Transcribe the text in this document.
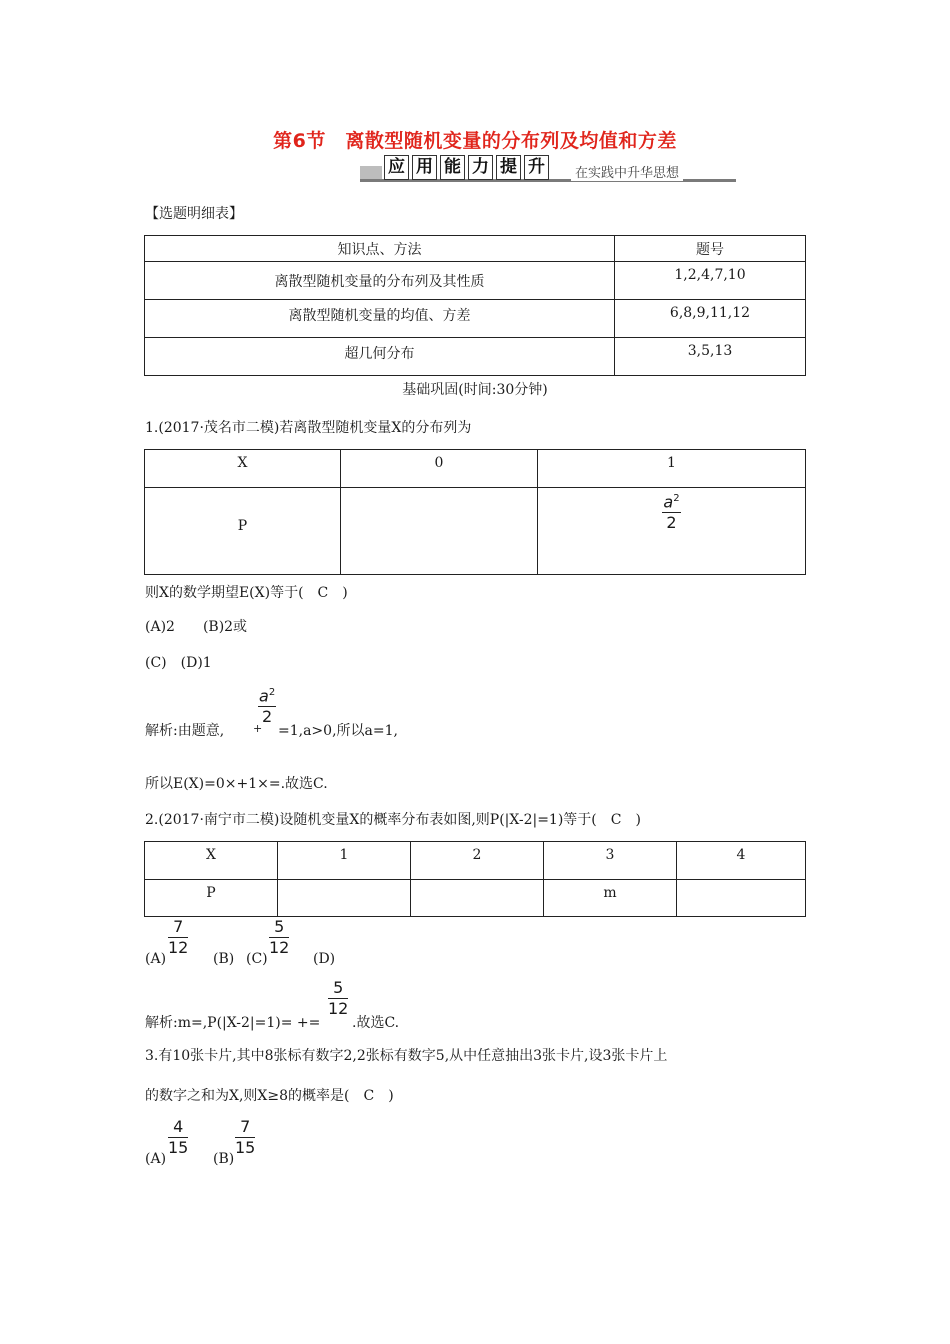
第6节　离散型随机变量的分布列及均值和方差
应 用 能 力 提 升	在实践中升华思想
【选题明细表】
知识点、方法	题号
离散型随机变量的分布列及其性质	1,2,4,7,10
离散型随机变量的均值、方差	6,8,9,11,12
超几何分布	3,5,13
基础巩固(时间:30分钟)
1.(2017·茂名市二模)若离散型随机变量X的分布列为
X	0	1
P		$\frac{a^2}{2}$
则X的数学期望E(X)等于(　C　)
(A)2　　(B)2或
(C)　(D)1
解析:由题意,	+
$\frac{a^2}{2}$
=1,a>0,所以a=1,
所以E(X)=0×+1×=.故选C.
2.(2017·南宁市二模)设随机变量X的概率分布表如图,则P(|X-2|=1)等于(　C　)
X	1	2	3	4
P			m	
(A)
$\frac{7}{12}$
(B) (C)
$\frac{5}{12}$
(D)
解析:m=,P(|X-2|=1)= +=
$\frac{5}{12}$
.故选C.
3.有10张卡片,其中8张标有数字2,2张标有数字5,从中任意抽出3张卡片,设3张卡片上
的数字之和为X,则X≥8的概率是(　C　)
(A)
$\frac{4}{15}$
(B)
$\frac{7}{15}$
